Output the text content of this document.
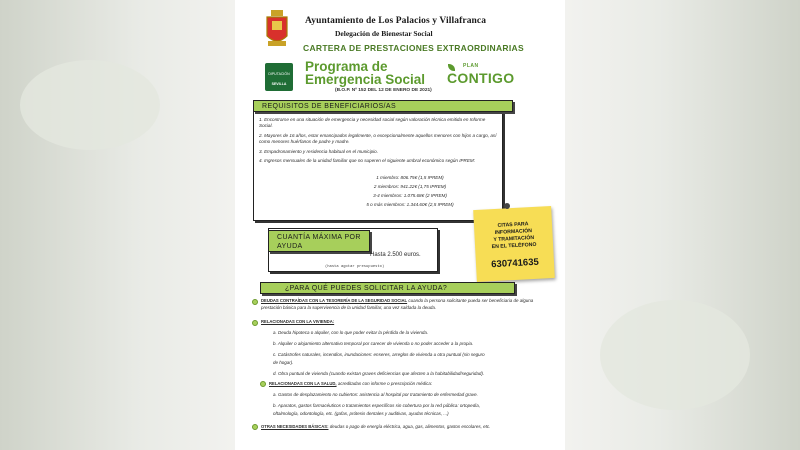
Ayuntamiento de Los Palacios y Villafranca
Delegación de Bienestar Social
CARTERA DE PRESTACIONES EXTRAORDINARIAS
DIPUTACIÓN
SEVILLA
Programa de
Emergencia Social
(B.O.P. Nº 152 DEL 12 DE ENERO DE 2021)
PLAN
CONTIGO

1. Encontrarse en una situación de emergencia y necesidad social según valoración técnica emitida en Informe Social.

2. Mayores de 16 años, estar emancipados legalmente, o excepcionalmente aquellos menores con hijos a cargo, así como menores huérfanos de padre y madre.

3. Empadronamiento y residencia habitual en el municipio.

4. Ingresos mensuales de la unidad familiar que no superen el siguiente umbral económico según IPREM:

1 miembro: 806.75€ (1,5 IPREM)

2 miembros: 941.22€ (1,75 IPREM)

3-4 miembros: 1.075.68€ (2 IPREM)

5 o más miembros: 1.344.60€ (2,5 IPREM)

REQUISITOS DE BENEFICIARIOS/AS
CITAS PARA
INFORMACIÓN
Y TRAMITACIÓN
EN EL TELÉFONO
630741635
CUANTÍA MÁXIMA POR AYUDA
Hasta 2.500 euros.
(hasta agotar presupuesto)
¿PARA QUÉ PUEDES SOLICITAR LA AYUDA?
DEUDAS CONTRAÍDAS CON LA TESORERÍA DE LA SEGURIDAD SOCIAL cuando la persona solicitante pueda ser beneficiaria de alguna prestación básica para la supervivencia de la unidad familiar, una vez saldada la deuda.
RELACIONADAS CON LA VIVIENDA:
a. Deuda hipoteca o alquiler, con lo que poder evitar la pérdida de la vivienda.
b. Alquiler o alojamiento alternativo temporal por carecer de vivienda o no poder acceder a la propia.
c. Catástrofes naturales, incendios, inundaciones: enseres, arreglos de vivienda u otra puntual (sin seguro
de hogar).
d. Obra puntual de vivienda (cuando existan graves deficiencias que afecten a la habitabilidad/seguridad).
RELACIONADAS CON LA SALUD, acreditadas con informe o prescripción médica:
a. Gastos de desplazamiento no cubiertos: asistencia al hospital por tratamiento de enfermedad grave.
b. Aparatos, gastos farmacéuticos o tratamientos específicos sin cobertura por la red pública: ortopedia,
oftalmología, odontología, etc. (gafas, prótesis dentales y auditivas, ayudas técnicas, ...)
OTRAS NECESIDADES BÁSICAS: deudas o pago de energía eléctrica, agua, gas, alimentos, gastos escolares, etc.
